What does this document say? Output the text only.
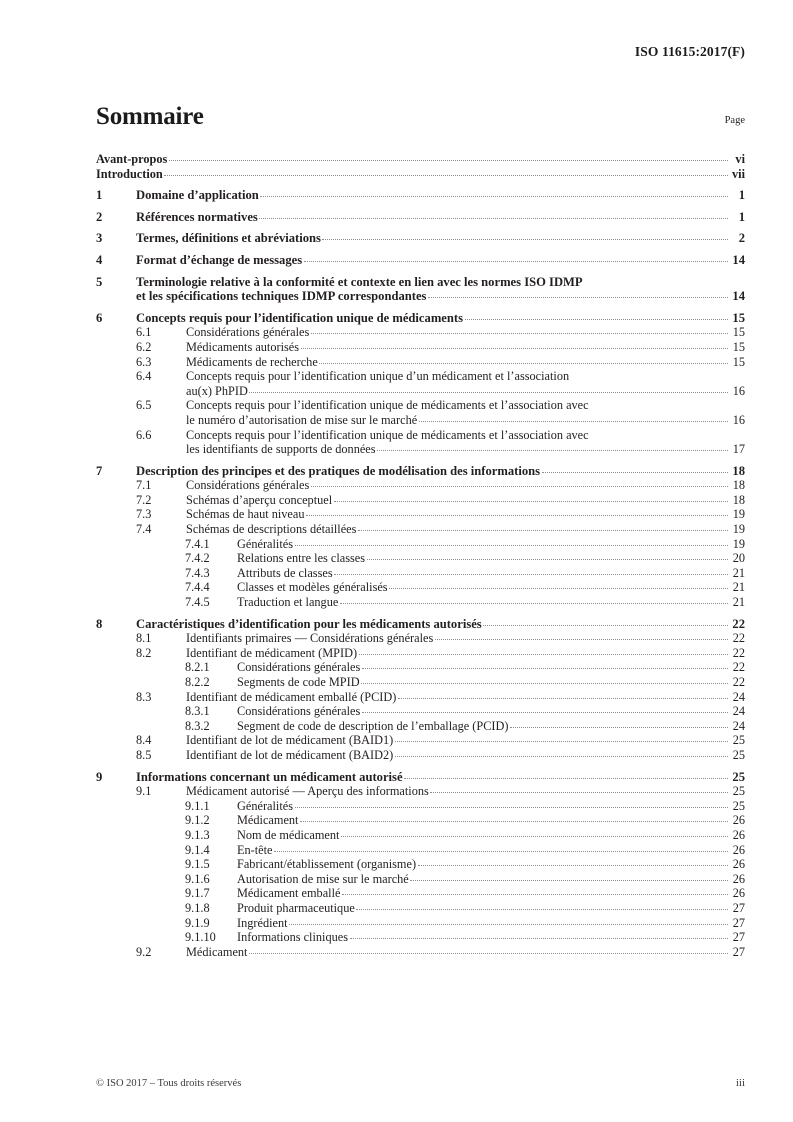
ISO 11615:2017(F)
Sommaire	Page
Avant-propos	vi
Introduction	vii
1	Domaine d’application	1
2	Références normatives	1
3	Termes, définitions et abréviations	2
4	Format d’échange de messages	14
5	Terminologie relative à la conformité et contexte en lien avec les normes ISO IDMP
et les spécifications techniques IDMP correspondantes	14
6	Concepts requis pour l’identification unique de médicaments	15
6.1	Considérations générales	15
6.2	Médicaments autorisés	15
6.3	Médicaments de recherche	15
6.4	Concepts requis pour l’identification unique d’un médicament et l’association
au(x) PhPID	16
6.5	Concepts requis pour l’identification unique de médicaments et l’association avec
le numéro d’autorisation de mise sur le marché	16
6.6	Concepts requis pour l’identification unique de médicaments et l’association avec
les identifiants de supports de données	17
7	Description des principes et des pratiques de modélisation des informations	18
7.1	Considérations générales	18
7.2	Schémas d’aperçu conceptuel	18
7.3	Schémas de haut niveau	19
7.4	Schémas de descriptions détaillées	19
7.4.1	Généralités	19
7.4.2	Relations entre les classes	20
7.4.3	Attributs de classes	21
7.4.4	Classes et modèles généralisés	21
7.4.5	Traduction et langue	21
8	Caractéristiques d’identification pour les médicaments autorisés	22
8.1	Identifiants primaires — Considérations générales	22
8.2	Identifiant de médicament (MPID)	22
8.2.1	Considérations générales	22
8.2.2	Segments de code MPID	22
8.3	Identifiant de médicament emballé (PCID)	24
8.3.1	Considérations générales	24
8.3.2	Segment de code de description de l’emballage (PCID)	24
8.4	Identifiant de lot de médicament (BAID1)	25
8.5	Identifiant de lot de médicament (BAID2)	25
9	Informations concernant un médicament autorisé	25
9.1	Médicament autorisé — Aperçu des informations	25
9.1.1	Généralités	25
9.1.2	Médicament	26
9.1.3	Nom de médicament	26
9.1.4	En-tête	26
9.1.5	Fabricant/établissement (organisme)	26
9.1.6	Autorisation de mise sur le marché	26
9.1.7	Médicament emballé	26
9.1.8	Produit pharmaceutique	27
9.1.9	Ingrédient	27
9.1.10	Informations cliniques	27
9.2	Médicament	27
© ISO 2017 – Tous droits réservés	iii
